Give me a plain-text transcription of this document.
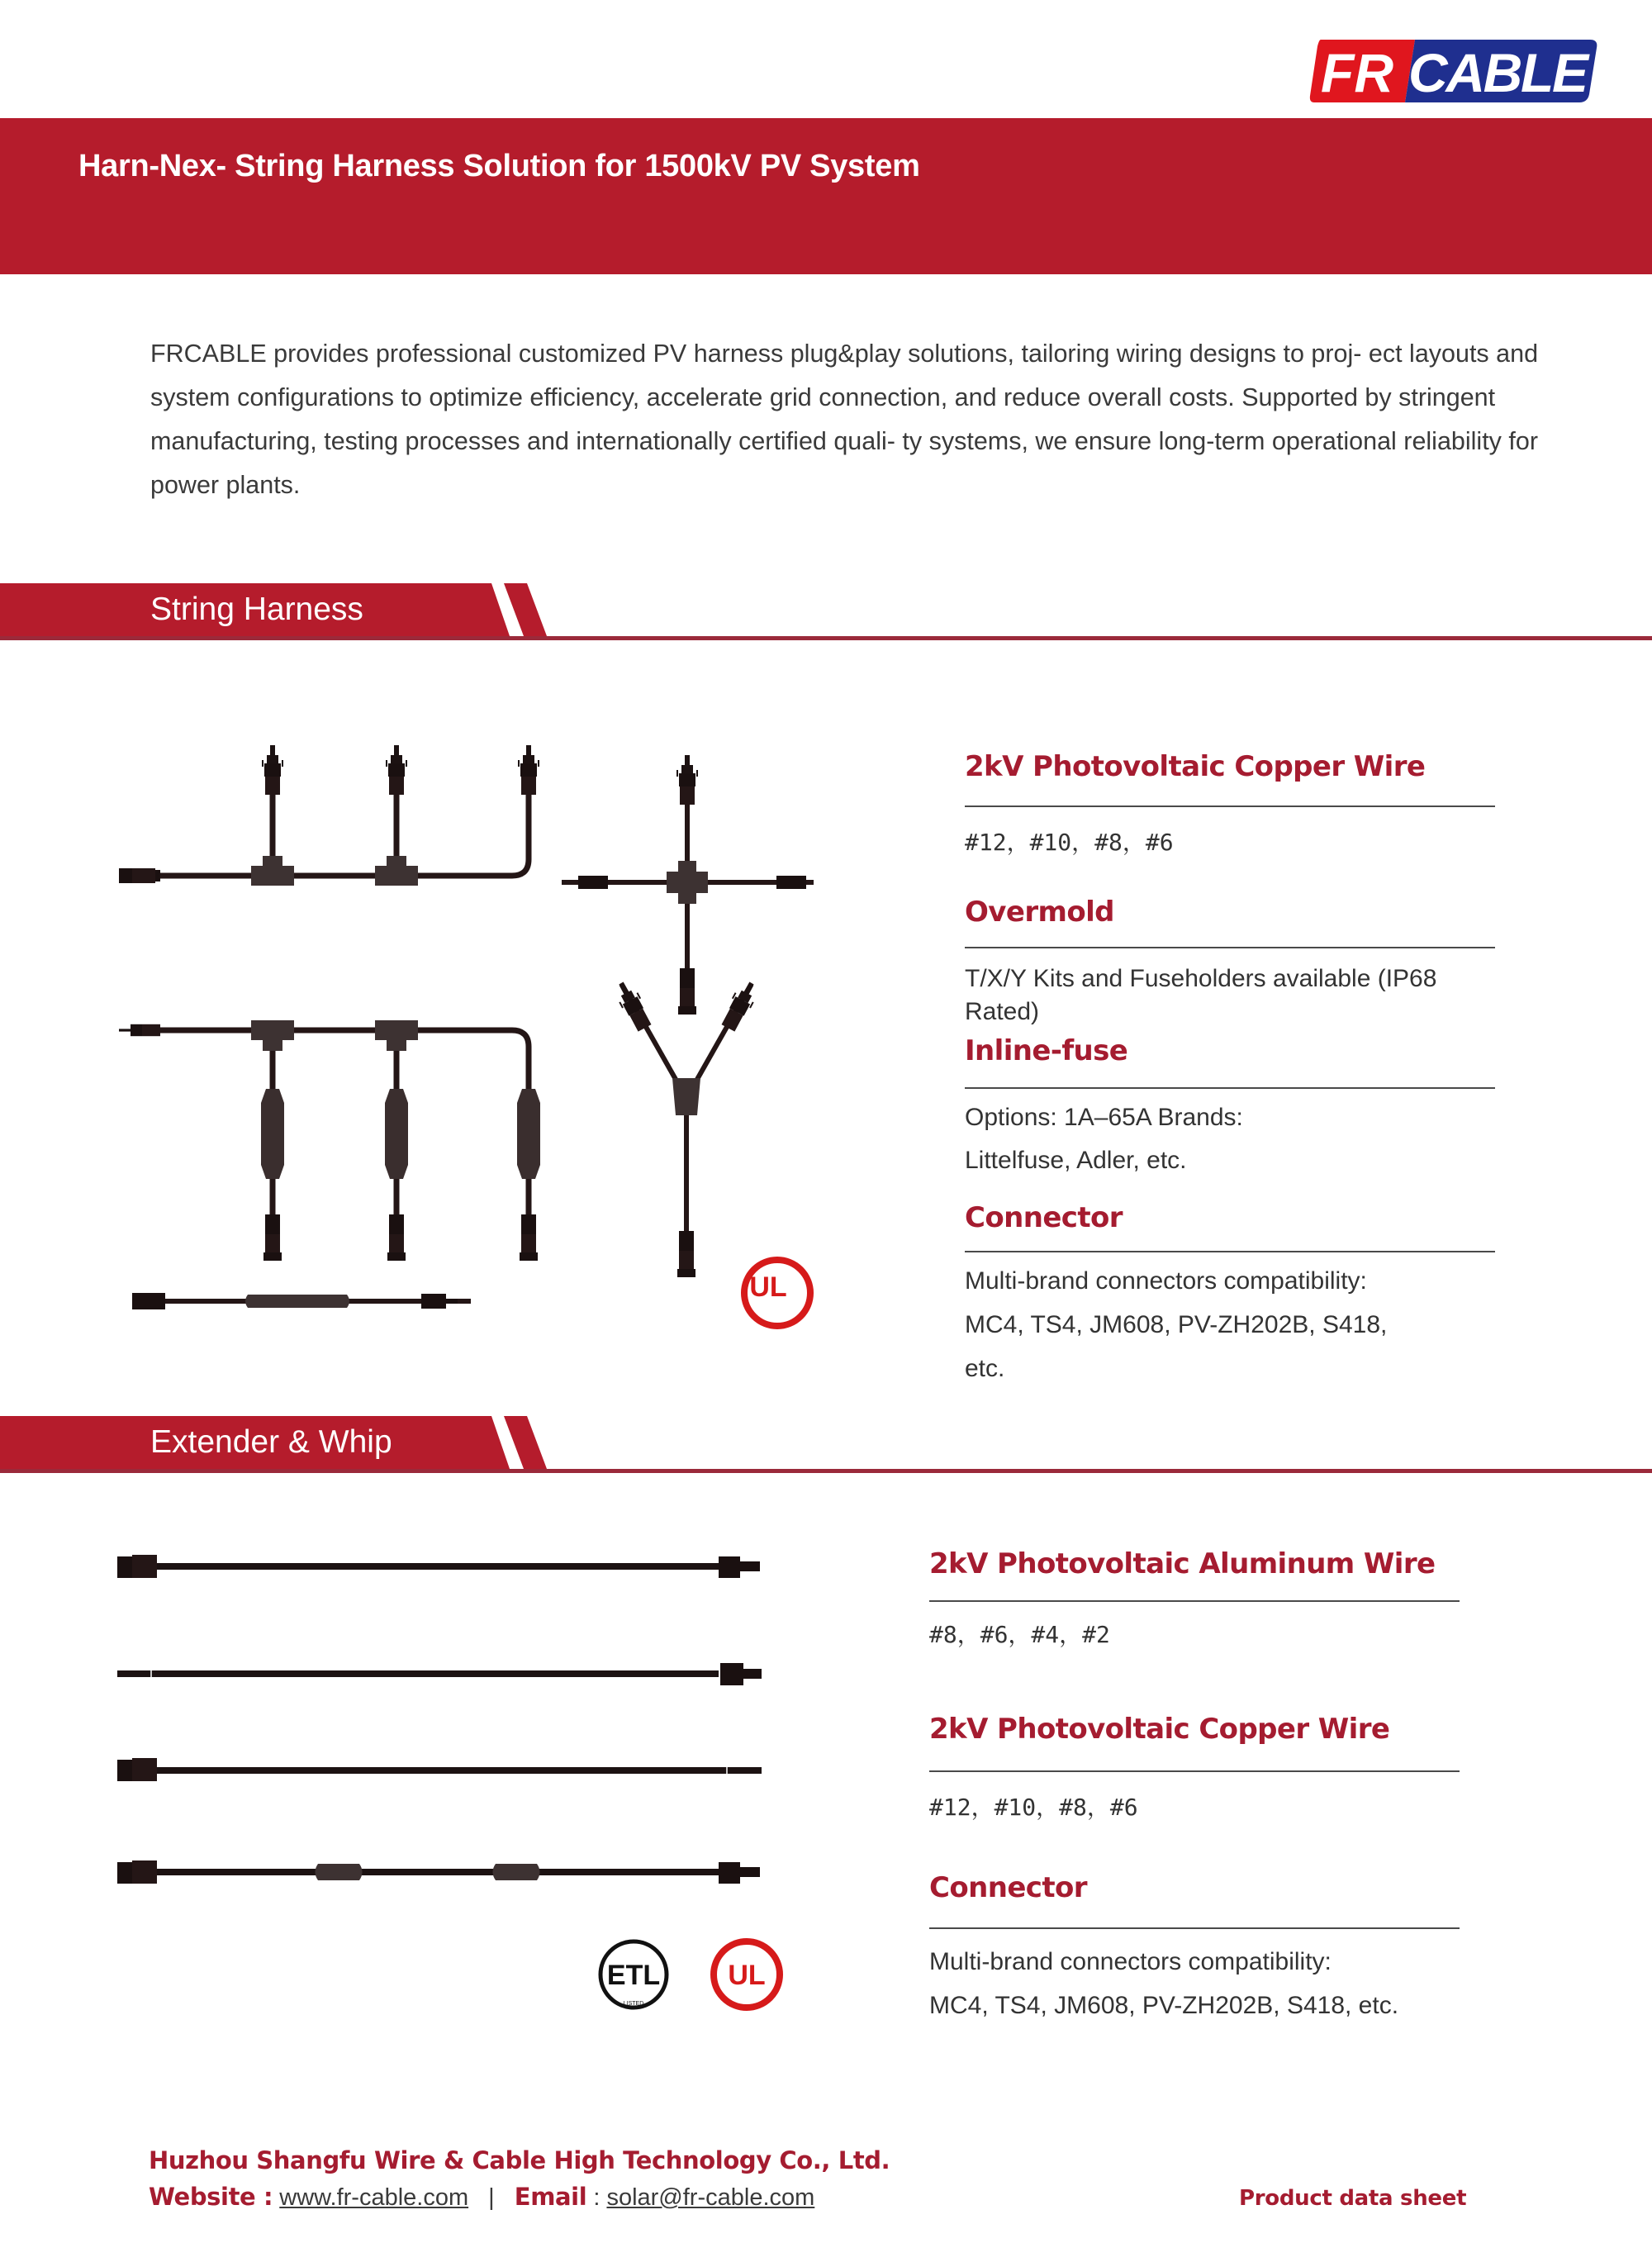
FR CABLE
Harn-Nex- String Harness Solution for 1500kV PV System

FRCABLE provides professional customized PV harness plug&play solutions, tailoring wiring designs to proj- ect layouts and system configurations to optimize efficiency, accelerate grid connection, and reduce overall costs. Supported by stringent manufacturing, testing processes and internationally certified quali- ty systems, we ensure long-term operational reliability for power plants.

String Harness
UL
2kV Photovoltaic Copper Wire
#12，#10，#8，#6
Overmold
T/X/Y Kits and Fuseholders available (IP68
Rated)
Inline-fuse
Options: 1A–65A Brands:
Littelfuse, Adler, etc.
Connector
Multi-brand connectors compatibility:
MC4, TS4, JM608, PV-ZH202B, S418,
etc.
Extender & Whip
ETL
LISTED
UL
2kV Photovoltaic Aluminum Wire
#8，#6，#4，#2
2kV Photovoltaic Copper Wire
#12，#10，#8，#6
Connector
Multi-brand connectors compatibility:
MC4, TS4, JM608, PV-ZH202B, S418, etc.
Huzhou Shangfu Wire & Cable High Technology Co., Ltd.
Website : www.fr-cable.com | Email : solar@fr-cable.com	Product data sheet
